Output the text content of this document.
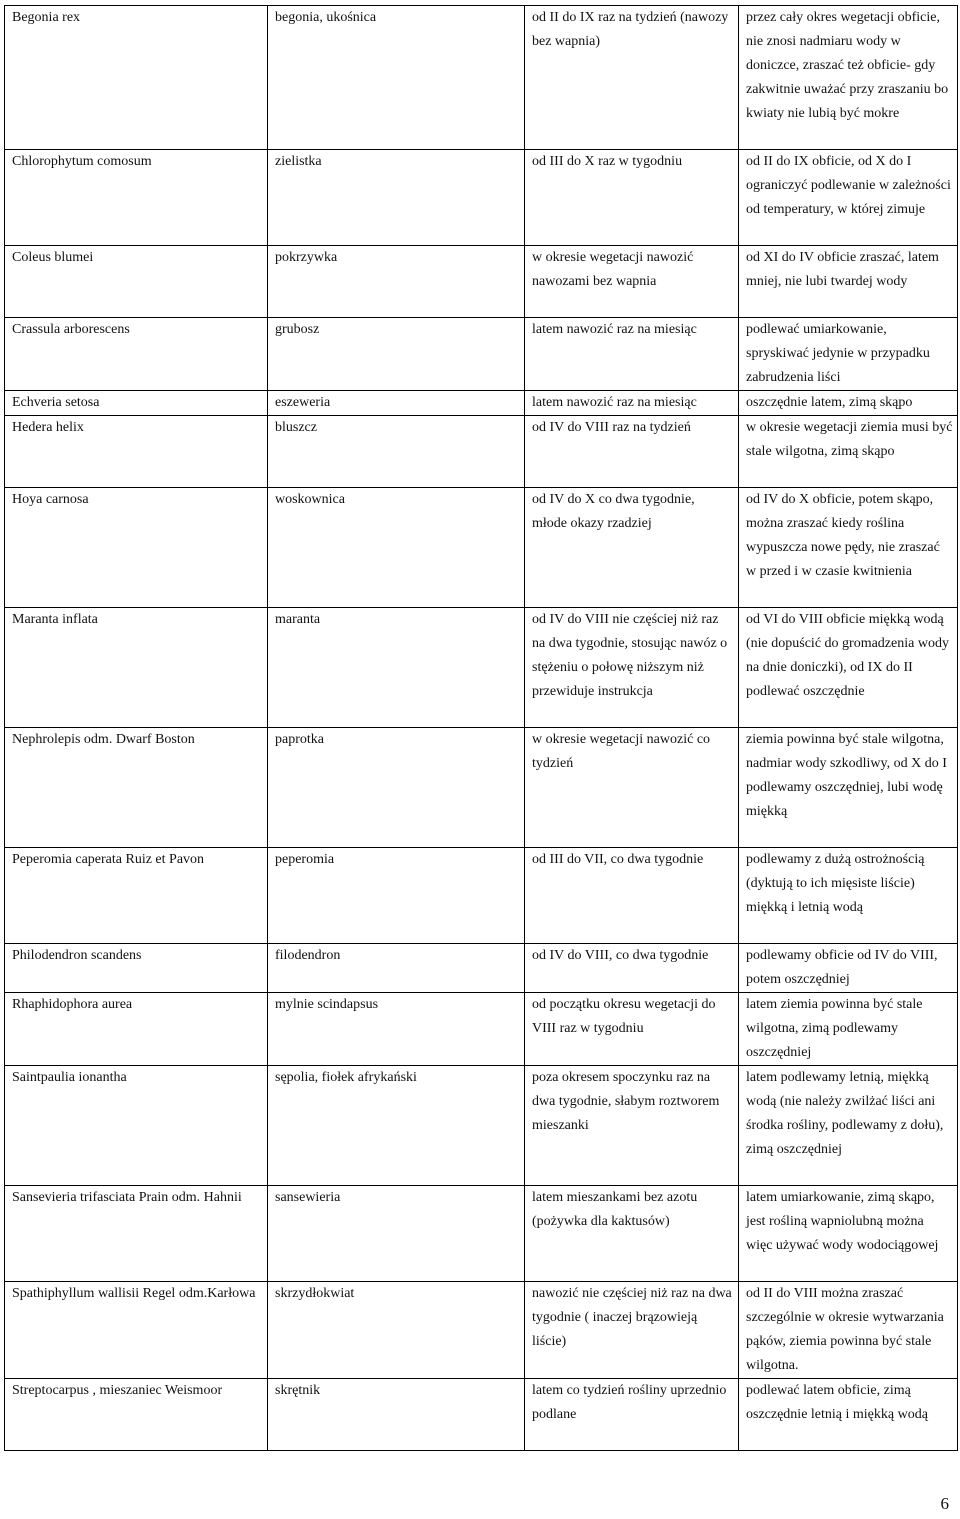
Begonia rex	begonia, ukośnica	od II do IX raz na tydzień (nawozy bez wapnia)	przez cały okres wegetacji obficie, nie znosi nadmiaru wody w doniczce, zraszać też obficie- gdy zakwitnie uważać przy zraszaniu bo kwiaty nie lubią być mokre
Chlorophytum comosum	zielistka	od III do X raz w tygodniu	od II do IX obficie, od X do I ograniczyć podlewanie w zależności od temperatury, w której zimuje
Coleus blumei	pokrzywka	w okresie wegetacji nawozić nawozami bez wapnia	od XI do IV obficie zraszać, latem mniej, nie lubi twardej wody
Crassula arborescens	grubosz	latem nawozić raz na miesiąc	podlewać umiarkowanie, spryskiwać jedynie w przypadku zabrudzenia liści
Echveria setosa	eszeweria	latem nawozić raz na miesiąc	oszczędnie latem, zimą skąpo
Hedera helix	bluszcz	od IV do VIII raz na tydzień	w okresie wegetacji ziemia musi być stale wilgotna, zimą skąpo
Hoya carnosa	woskownica	od IV do X co dwa tygodnie, młode okazy rzadziej	od IV do X obficie, potem skąpo, można zraszać kiedy roślina wypuszcza nowe pędy, nie zraszać w przed i w czasie kwitnienia
Maranta inflata	maranta	od IV do VIII nie częściej niż raz na dwa tygodnie, stosując nawóz o stężeniu o połowę niższym niż przewiduje instrukcja	od VI do VIII obficie miękką wodą (nie dopuścić do gromadzenia wody na dnie doniczki), od IX do II podlewać oszczędnie
Nephrolepis odm. Dwarf Boston	paprotka	w okresie wegetacji nawozić co tydzień	ziemia powinna być stale wilgotna, nadmiar wody szkodliwy, od X do I podlewamy oszczędniej, lubi wodę miękką
Peperomia caperata Ruiz et Pavon	peperomia	od III do VII, co dwa tygodnie	podlewamy z dużą ostrożnością (dyktują to ich mięsiste liście) miękką i letnią wodą
Philodendron scandens	filodendron	od IV do VIII, co dwa tygodnie	podlewamy obficie od IV do VIII, potem oszczędniej
Rhaphidophora aurea	mylnie scindapsus	od początku okresu wegetacji do VIII raz w tygodniu	latem ziemia powinna być stale wilgotna, zimą podlewamy oszczędniej
Saintpaulia ionantha	sępolia, fiołek afrykański	poza okresem spoczynku raz na dwa tygodnie, słabym roztworem mieszanki	latem podlewamy letnią, miękką wodą (nie należy zwilżać liści ani środka rośliny, podlewamy z dołu), zimą oszczędniej
Sansevieria trifasciata Prain odm. Hahnii	sansewieria	latem mieszankami bez azotu (pożywka dla kaktusów)	latem umiarkowanie, zimą skąpo, jest rośliną wapniolubną można więc używać wody wodociągowej
Spathiphyllum wallisii Regel odm.Karłowa	skrzydłokwiat	nawozić nie częściej niż raz na dwa tygodnie ( inaczej brązowieją liście)	od II do VIII można zraszać szczególnie w okresie wytwarzania pąków, ziemia powinna być stale wilgotna.
Streptocarpus , mieszaniec Weismoor	skrętnik	latem co tydzień rośliny uprzednio podlane	podlewać latem obficie, zimą oszczędnie letnią i miękką wodą
6
